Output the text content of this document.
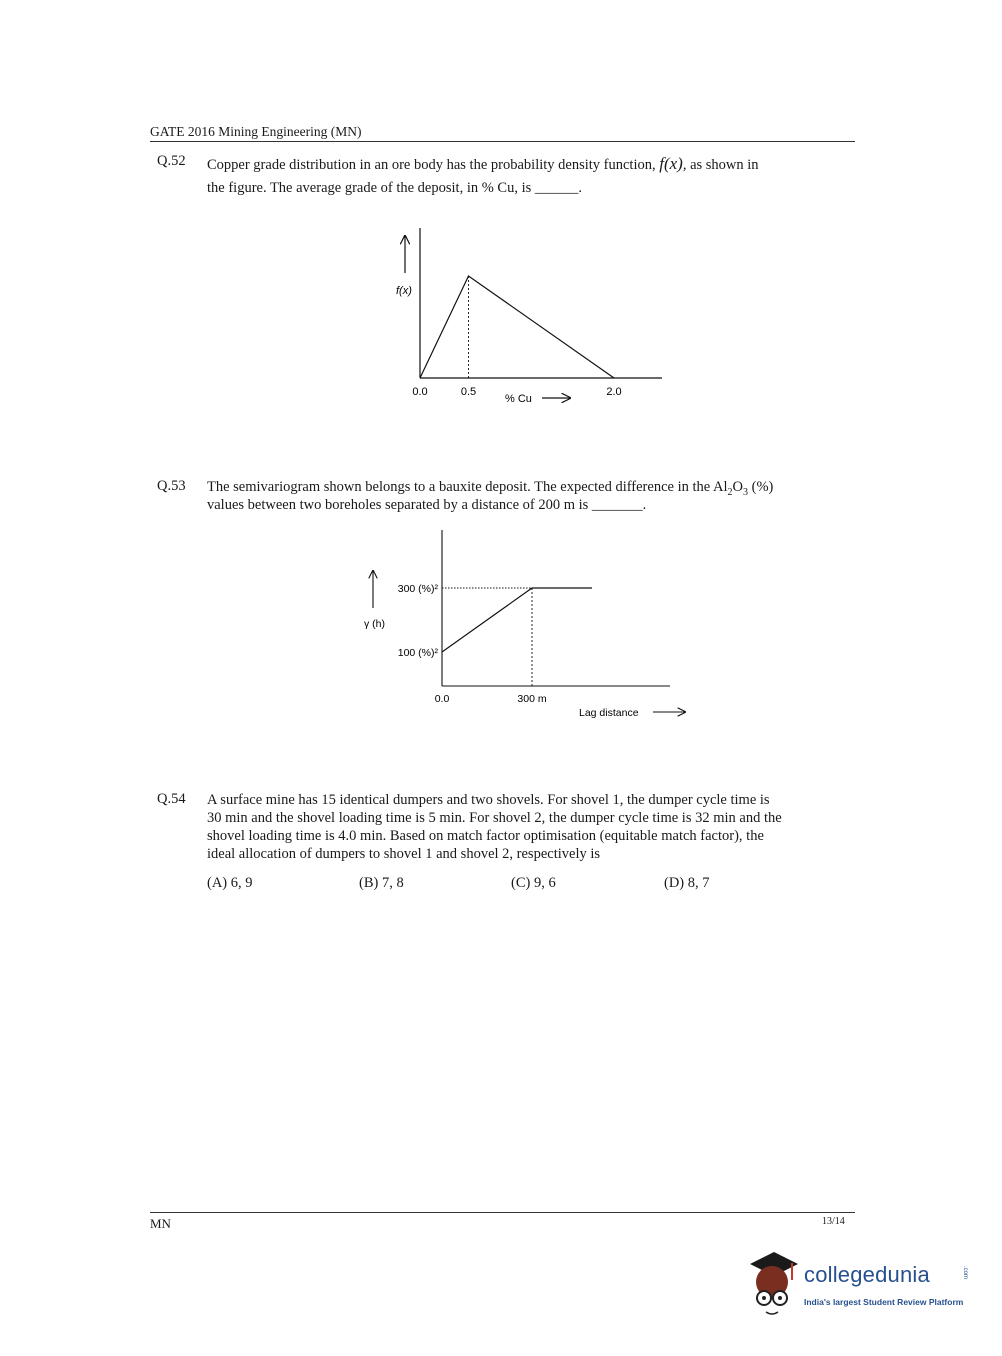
GATE 2016 Mining Engineering (MN)
Q.52 Copper grade distribution in an ore body has the probability density function, f(x), as shown in
the figure. The average grade of the deposit, in % Cu, is ______.
f(x)
0.0	0.5	2.0
% Cu
Q.53 The semivariogram shown belongs to a bauxite deposit. The expected difference in the $Al_2O_3$ (%)
values between two boreholes separated by a distance of 200 m is _______.
γ (h)
100 (%)²
300 (%)²
0.0	300 m
Lag distance
Q.54 A surface mine has 15 identical dumpers and two shovels. For shovel 1, the dumper cycle time is
30 min and the shovel loading time is 5 min. For shovel 2, the dumper cycle time is 32 min and the
shovel loading time is 4.0 min. Based on match factor optimisation (equitable match factor), the
ideal allocation of dumpers to shovel 1 and shovel 2, respectively is
(A) 6, 9	(B) 7, 8	(C) 9, 6	(D) 8, 7
MN	13/14
collegedunia	.com
India's largest Student Review Platform
